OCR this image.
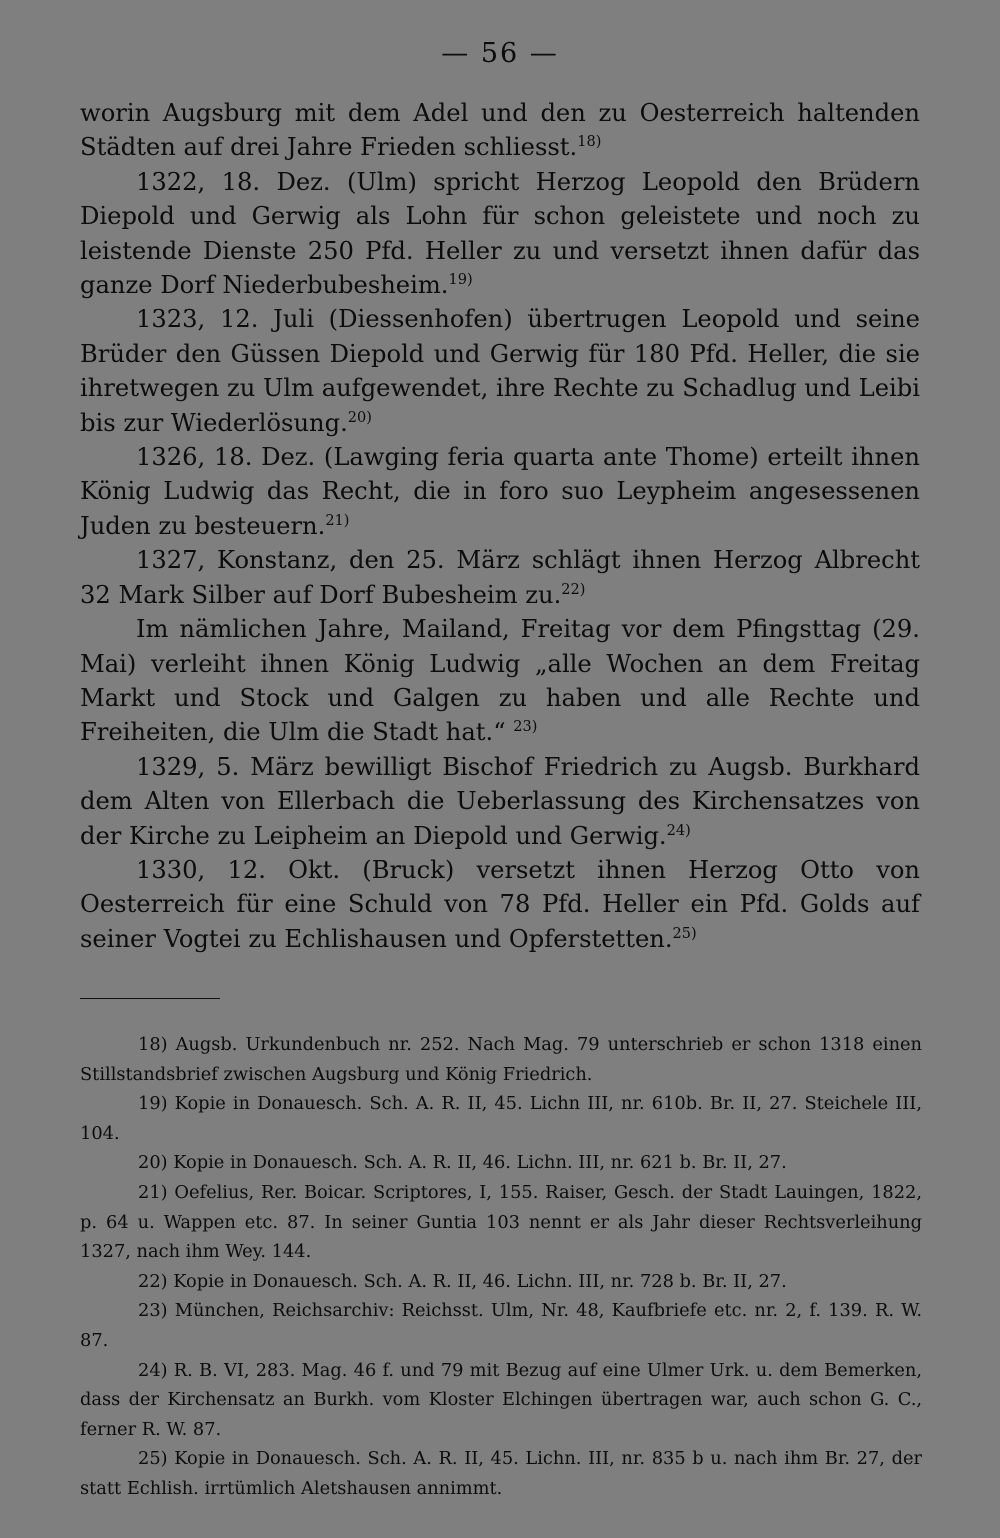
— 56 —

worin Augsburg mit dem Adel und den zu Oesterreich haltenden Städten auf drei Jahre Frieden schliesst.$^{18)}$

1322, 18. Dez. (Ulm) spricht Herzog Leopold den Brüdern Diepold und Gerwig als Lohn für schon geleistete und noch zu leistende Dienste 250 Pfd. Heller zu und versetzt ihnen dafür das ganze Dorf Niederbubesheim.$^{19)}$

1323, 12. Juli (Diessenhofen) übertrugen Leopold und seine Brüder den Güssen Diepold und Gerwig für 180 Pfd. Heller, die sie ihretwegen zu Ulm aufgewendet, ihre Rechte zu Schadlug und Leibi bis zur Wiederlösung.$^{20)}$

1326, 18. Dez. (Lawging feria quarta ante Thome) erteilt ihnen König Ludwig das Recht, die in foro suo Leypheim angesessenen Juden zu besteuern.$^{21)}$

1327, Konstanz, den 25. März schlägt ihnen Herzog Albrecht 32 Mark Silber auf Dorf Bubesheim zu.$^{22)}$

Im nämlichen Jahre, Mailand, Freitag vor dem Pfingsttag (29. Mai) verleiht ihnen König Ludwig „alle Wochen an dem Freitag Markt und Stock und Galgen zu haben und alle Rechte und Freiheiten, die Ulm die Stadt hat.“ $^{23)}$

1329, 5. März bewilligt Bischof Friedrich zu Augsb. Burkhard dem Alten von Ellerbach die Ueberlassung des Kirchensatzes von der Kirche zu Leipheim an Diepold und Gerwig.$^{24)}$

1330, 12. Okt. (Bruck) versetzt ihnen Herzog Otto von Oesterreich für eine Schuld von 78 Pfd. Heller ein Pfd. Golds auf seiner Vogtei zu Echlishausen und Opferstetten.$^{25)}$

18) Augsb. Urkundenbuch nr. 252. Nach Mag. 79 unterschrieb er schon 1318 einen Stillstandsbrief zwischen Augsburg und König Friedrich.

19) Kopie in Donauesch. Sch. A. R. II, 45. Lichn III, nr. 610b. Br. II, 27. Steichele III, 104.

20) Kopie in Donauesch. Sch. A. R. II, 46. Lichn. III, nr. 621 b. Br. II, 27.

21) Oefelius, Rer. Boicar. Scriptores, I, 155. Raiser, Gesch. der Stadt Lauingen, 1822, p. 64 u. Wappen etc. 87. In seiner Guntia 103 nennt er als Jahr dieser Rechtsverleihung 1327, nach ihm Wey. 144.

22) Kopie in Donauesch. Sch. A. R. II, 46. Lichn. III, nr. 728 b. Br. II, 27.

23) München, Reichsarchiv: Reichsst. Ulm, Nr. 48, Kaufbriefe etc. nr. 2, f. 139. R. W. 87.

24) R. B. VI, 283. Mag. 46 f. und 79 mit Bezug auf eine Ulmer Urk. u. dem Bemerken, dass der Kirchensatz an Burkh. vom Kloster Elchingen übertragen war, auch schon G. C., ferner R. W. 87.

25) Kopie in Donauesch. Sch. A. R. II, 45. Lichn. III, nr. 835 b u. nach ihm Br. 27, der statt Echlish. irrtümlich Aletshausen annimmt.
